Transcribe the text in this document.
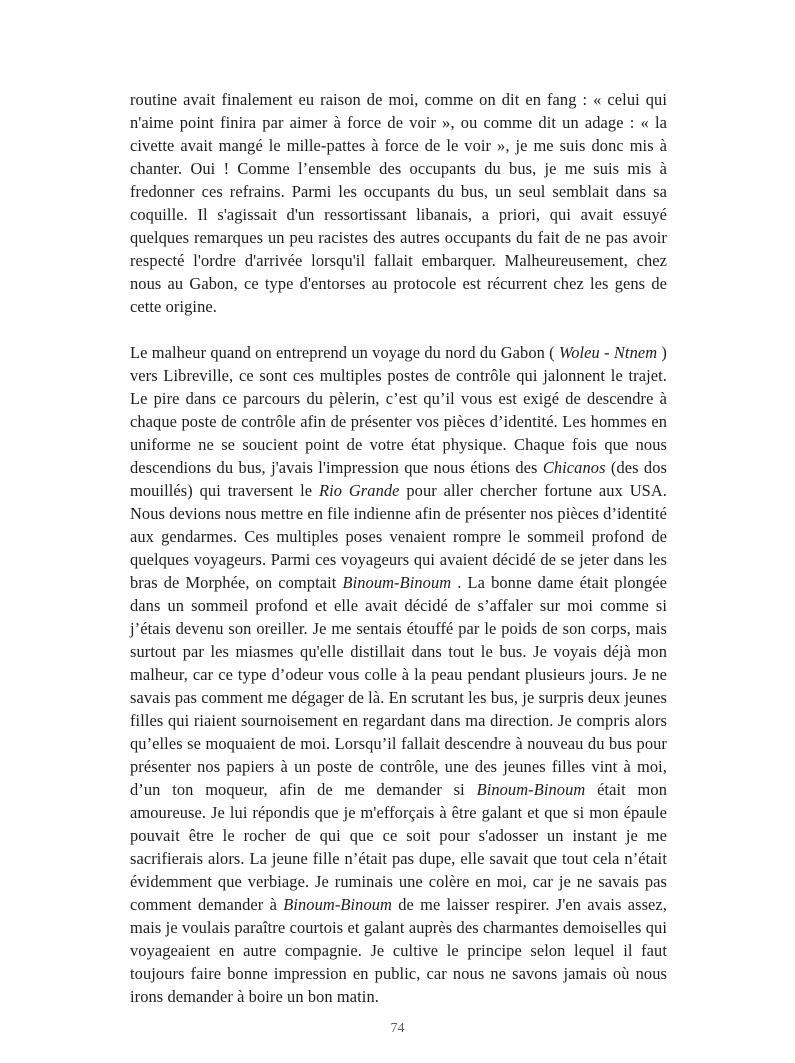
routine avait finalement eu raison de moi, comme on dit en fang : « celui qui n'aime point finira par aimer à force de voir », ou comme dit un adage : « la civette avait mangé le mille-pattes à force de le voir », je me suis donc mis à chanter. Oui ! Comme l’ensemble des occupants du bus, je me suis mis à fredonner ces refrains. Parmi les occupants du bus, un seul semblait dans sa coquille. Il s'agissait d'un ressortissant libanais, a priori, qui avait essuyé quelques remarques un peu racistes des autres occupants du fait de ne pas avoir respecté l'ordre d'arrivée lorsqu'il fallait embarquer. Malheureusement, chez nous au Gabon, ce type d'entorses au protocole est récurrent chez les gens de cette origine.

Le malheur quand on entreprend un voyage du nord du Gabon ( Woleu - Ntnem ) vers Libreville, ce sont ces multiples postes de contrôle qui jalonnent le trajet. Le pire dans ce parcours du pèlerin, c’est qu’il vous est exigé de descendre à chaque poste de contrôle afin de présenter vos pièces d’identité. Les hommes en uniforme ne se soucient point de votre état physique. Chaque fois que nous descendions du bus, j'avais l'impression que nous étions des Chicanos (des dos mouillés) qui traversent le Rio Grande pour aller chercher fortune aux USA. Nous devions nous mettre en file indienne afin de présenter nos pièces d’identité aux gendarmes. Ces multiples poses venaient rompre le sommeil profond de quelques voyageurs. Parmi ces voyageurs qui avaient décidé de se jeter dans les bras de Morphée, on comptait Binoum-Binoum . La bonne dame était plongée dans un sommeil profond et elle avait décidé de s’affaler sur moi comme si j’étais devenu son oreiller. Je me sentais étouffé par le poids de son corps, mais surtout par les miasmes qu'elle distillait dans tout le bus. Je voyais déjà mon malheur, car ce type d’odeur vous colle à la peau pendant plusieurs jours. Je ne savais pas comment me dégager de là. En scrutant les bus, je surpris deux jeunes filles qui riaient sournoisement en regardant dans ma direction. Je compris alors qu’elles se moquaient de moi. Lorsqu’il fallait descendre à nouveau du bus pour présenter nos papiers à un poste de contrôle, une des jeunes filles vint à moi, d’un ton moqueur, afin de me demander si Binoum-Binoum était mon amoureuse. Je lui répondis que je m'efforçais à être galant et que si mon épaule pouvait être le rocher de qui que ce soit pour s'adosser un instant je me sacrifierais alors. La jeune fille n’était pas dupe, elle savait que tout cela n’était évidemment que verbiage. Je ruminais une colère en moi, car je ne savais pas comment demander à Binoum-Binoum de me laisser respirer. J'en avais assez, mais je voulais paraître courtois et galant auprès des charmantes demoiselles qui voyageaient en autre compagnie. Je cultive le principe selon lequel il faut toujours faire bonne impression en public, car nous ne savons jamais où nous irons demander à boire un bon matin.

74
